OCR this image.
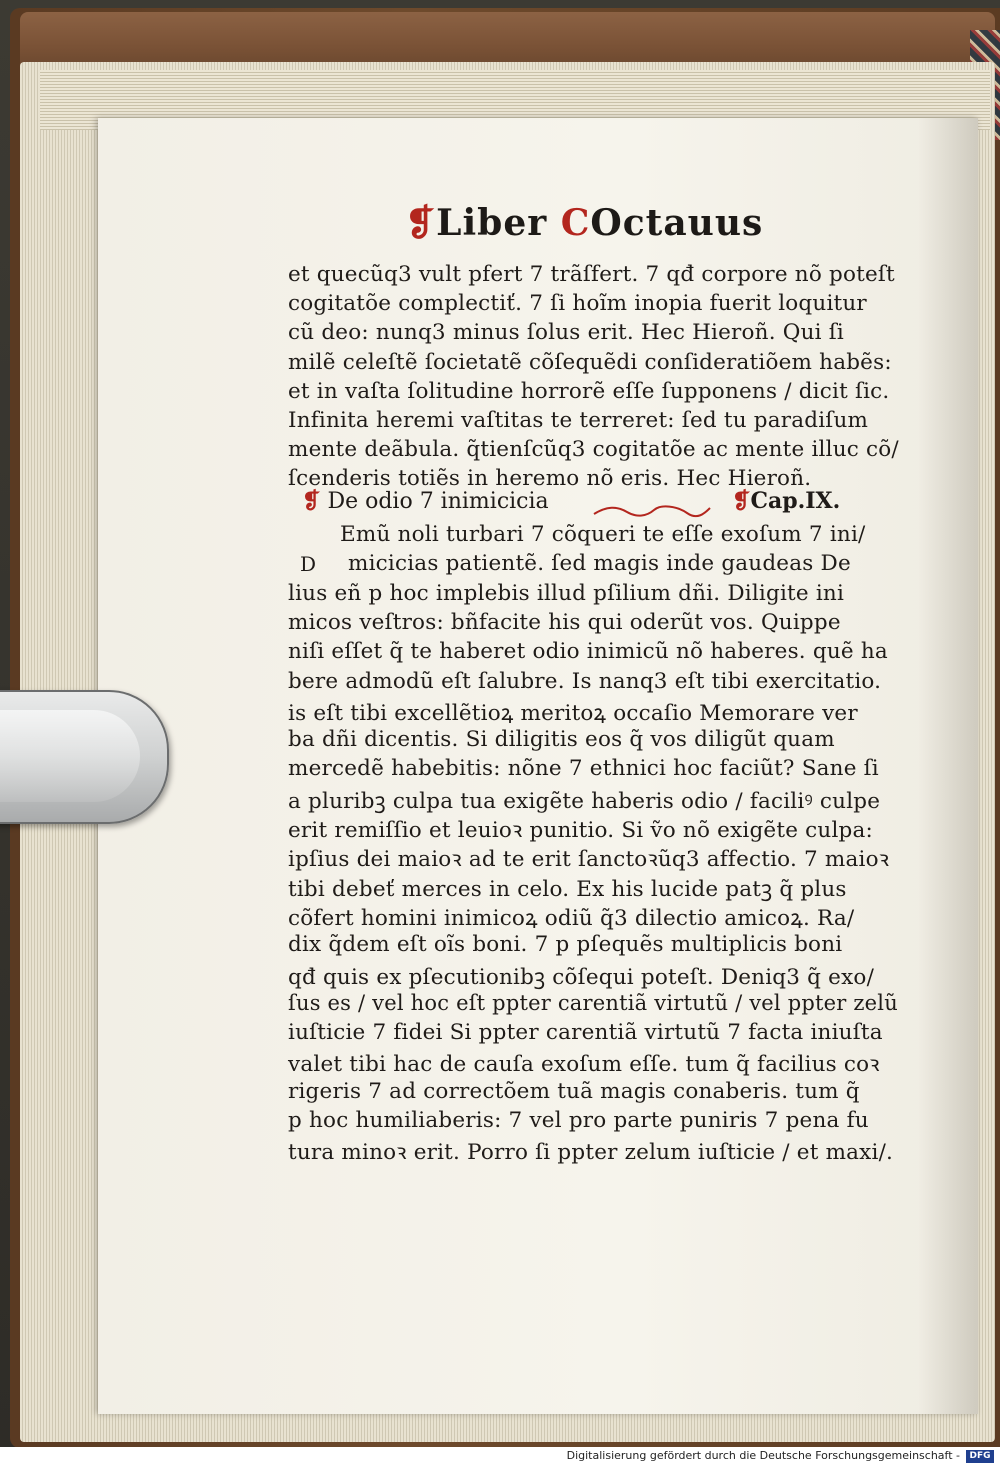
❡Liber COctauus
et quecũq3 vult pfert 7 trãſfert. 7 qđ corpore nõ poteſt
cogitatõe complectiť. 7 ſi hoĩm inopia fuerit loquitur
cũ deo: nunq3 minus ſolus erit. Hec Hieroñ. Qui ſi
milẽ celeſtẽ ſocietatẽ cõſequẽdi conſideratiõem habẽs:
et in vaſta ſolitudine horrorẽ eſſe ſupponens / dicit ſic.
Infinita heremi vaſtitas te terreret: ſed tu paradiſum
mente deãbula. q̃tienſcũq3 cogitatõe ac mente illuc cõ/
ſcenderis totiẽs in heremo nõ eris. Hec Hieroñ.
❡ De odio 7 inimicicia	❡Cap.IX.
D
Emũ noli turbari 7 cõqueri te eſſe exoſum 7 ini/
micicias patientẽ. ſed magis inde gaudeas De
lius eñ p hoc implebis illud pſilium dñi. Diligite ini
micos veſtros: bñfacite his qui oderũt vos. Quippe
niſi eſſet q̃ te haberet odio inimicũ nõ haberes. quẽ ha
bere admodũ eſt ſalubre. Is nanq3 eſt tibi exercitatio.
is eſt tibi excellẽtioꝝ meritoꝝ occaſio Memorare ver
ba dñi dicentis. Si diligitis eos q̃ vos diligũt quam
mercedẽ habebitis: nõne 7 ethnici hoc faciũt? Sane ſi
a pluribꝫ culpa tua exigẽte haberis odio / faciliꝰ culpe
erit remiſſio et leuioꝛ punitio. Si ṽo nõ exigẽte culpa:
ipſius dei maioꝛ ad te erit ſanctoꝛũq3 affectio. 7 maioꝛ
tibi debeť merces in celo. Ex his lucide patꝫ q̃ plus
cõfert homini inimicoꝝ odiũ q̃3 dilectio amicoꝝ. Ra/
dix q̃dem eſt oĩs boni. 7 p pſequẽs multiplicis boni
qđ quis ex pſecutionibꝫ cõſequi poteſt. Deniq3 q̃ exo/
ſus es / vel hoc eſt ppter carentiã virtutũ / vel ppter zelũ
iuſticie 7 fidei Si ppter carentiã virtutũ 7 facta iniuſta
valet tibi hac de cauſa exoſum eſſe. tum q̃ facilius coꝛ
rigeris 7 ad correctõem tuã magis conaberis. tum q̃
p hoc humiliaberis: 7 vel pro parte puniris 7 pena fu
tura minoꝛ erit. Porro ſi ppter zelum iuſticie / et maxi/.
Digitalisierung gefördert durch die Deutsche Forschungsgemeinschaft -	DFG
